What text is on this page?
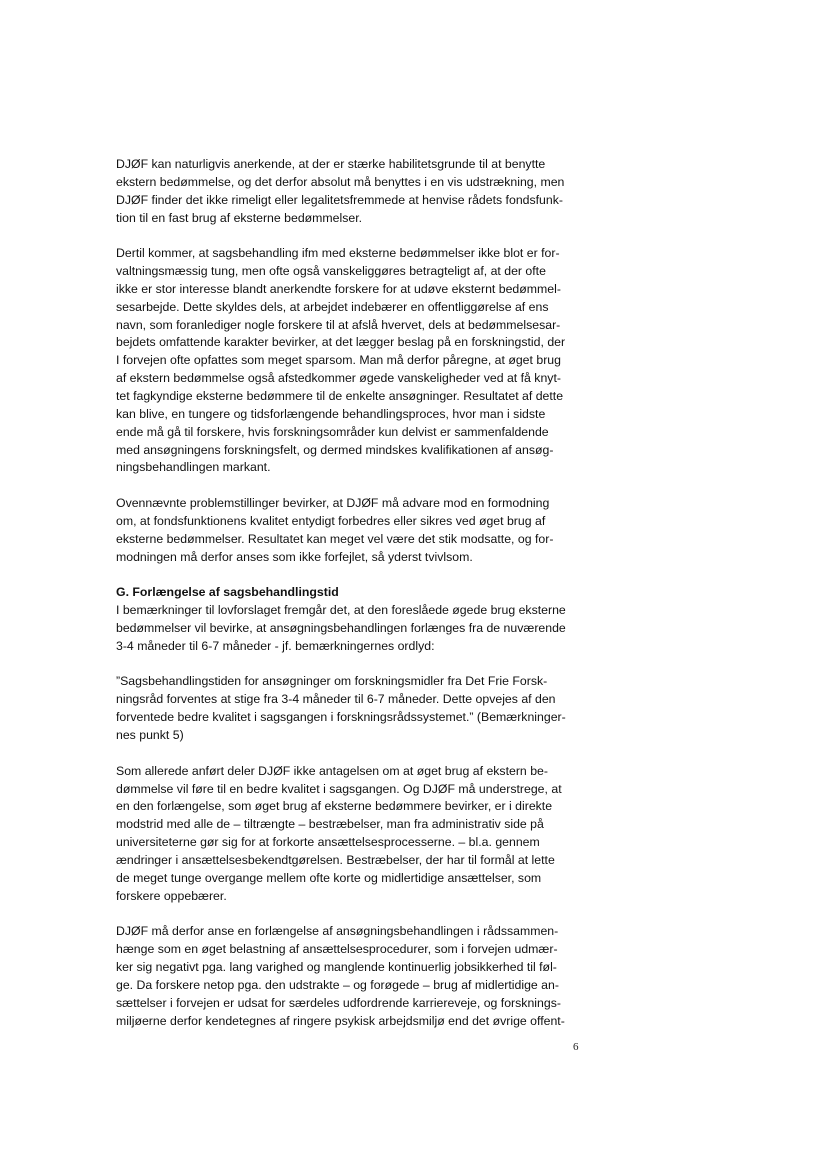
DJØF kan naturligvis anerkende, at der er stærke habilitetsgrunde til at benytte
ekstern bedømmelse, og det derfor absolut må benyttes i en vis udstrækning, men
DJØF finder det ikke rimeligt eller legalitetsfremmede at henvise rådets fondsfunk-
tion til en fast brug af eksterne bedømmelser.

Dertil kommer, at sagsbehandling ifm med eksterne bedømmelser ikke blot er for-
valtningsmæssig tung, men ofte også vanskeliggøres betragteligt af, at der ofte
ikke er stor interesse blandt anerkendte forskere for at udøve eksternt bedømmel-
sesarbejde. Dette skyldes dels, at arbejdet indebærer en offentliggørelse af ens
navn, som foranlediger nogle forskere til at afslå hvervet, dels at bedømmelsesar-
bejdets omfattende karakter bevirker, at det lægger beslag på en forskningstid, der
I forvejen ofte opfattes som meget sparsom. Man må derfor påregne, at øget brug
af ekstern bedømmelse også afstedkommer øgede vanskeligheder ved at få knyt-
tet fagkyndige eksterne bedømmere til de enkelte ansøgninger. Resultatet af dette
kan blive, en tungere og tidsforlængende behandlingsproces, hvor man i sidste
ende må gå til forskere, hvis forskningsområder kun delvist er sammenfaldende
med ansøgningens forskningsfelt, og dermed mindskes kvalifikationen af ansøg-
ningsbehandlingen markant.

Ovennævnte problemstillinger bevirker, at DJØF må advare mod en formodning
om, at fondsfunktionens kvalitet entydigt forbedres eller sikres ved øget brug af
eksterne bedømmelser. Resultatet kan meget vel være det stik modsatte, og for-
modningen må derfor anses som ikke forfejlet, så yderst tvivlsom.

G. Forlængelse af sagsbehandlingstid

I bemærkninger til lovforslaget fremgår det, at den foreslåede øgede brug eksterne
bedømmelser vil bevirke, at ansøgningsbehandlingen forlænges fra de nuværende
3-4 måneder til 6-7 måneder - jf. bemærkningernes ordlyd:

”Sagsbehandlingstiden for ansøgninger om forskningsmidler fra Det Frie Forsk-
ningsråd forventes at stige fra 3-4 måneder til 6-7 måneder. Dette opvejes af den
forventede bedre kvalitet i sagsgangen i forskningsrådssystemet.” (Bemærkninger-
nes punkt 5)

Som allerede anført deler DJØF ikke antagelsen om at øget brug af ekstern be-
dømmelse vil føre til en bedre kvalitet i sagsgangen. Og DJØF må understrege, at
en den forlængelse, som øget brug af eksterne bedømmere bevirker, er i direkte
modstrid med alle de – tiltrængte – bestræbelser, man fra administrativ side på
universiteterne gør sig for at forkorte ansættelsesprocesserne. – bl.a. gennem
ændringer i ansættelsesbekendtgørelsen. Bestræbelser, der har til formål at lette
de meget tunge overgange mellem ofte korte og midlertidige ansættelser, som
forskere oppebærer.

DJØF må derfor anse en forlængelse af ansøgningsbehandlingen i rådssammen-
hænge som en øget belastning af ansættelsesprocedurer, som i forvejen udmær-
ker sig negativt pga. lang varighed og manglende kontinuerlig jobsikkerhed til føl-
ge. Da forskere netop pga. den udstrakte – og forøgede – brug af midlertidige an-
sættelser i forvejen er udsat for særdeles udfordrende karriereveje, og forsknings-
miljøerne derfor kendetegnes af ringere psykisk arbejdsmiljø end det øvrige offent-

6
